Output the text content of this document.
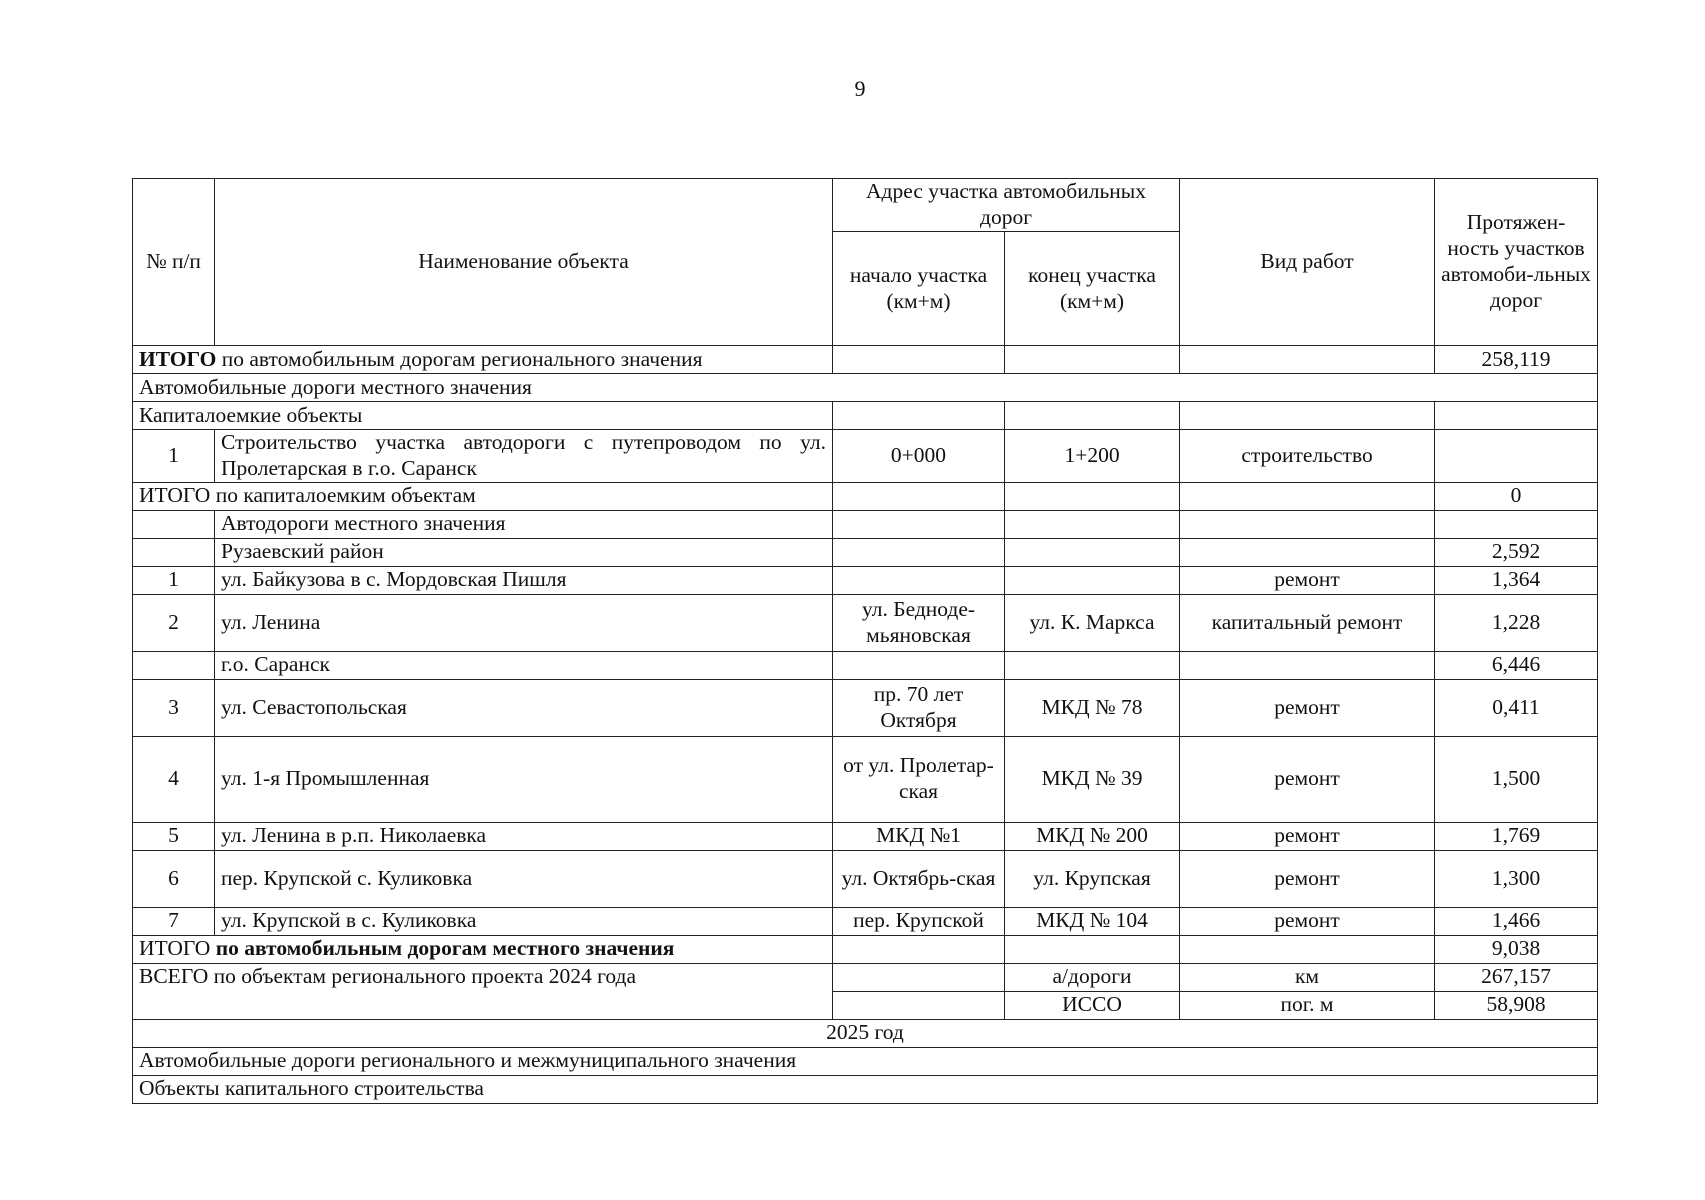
9
№ п/п	Наименование объекта	Адрес участка автомобильных дорог		Вид работ	Протяжен-ность участков автомоби-льных дорог
		начало участка (км+м)	конец участка (км+м)		
ИТОГО по автомобильным дорогам регионального значения					258,119
Автомобильные дороги местного значения					
Капиталоемкие объекты					
1	Строительство участка автодороги с путепроводом по ул. Пролетарская в г.о. Саранск	0+000	1+200	строительство	
ИТОГО по капиталоемким объектам					0
	Автодороги местного значения				
	Рузаевский район				2,592
1	ул. Байкузова в с. Мордовская Пишля			ремонт	1,364
2	ул. Ленина	ул. Бедноде-мьяновская	ул. К. Маркса	капитальный ремонт	1,228
	г.о. Саранск				6,446
3	ул. Севастопольская	пр. 70 лет Октября	МКД № 78	ремонт	0,411
4	ул. 1-я Промышленная	от ул. Пролетар-ская	МКД № 39	ремонт	1,500
5	ул. Ленина в р.п. Николаевка	МКД №1	МКД № 200	ремонт	1,769
6	пер. Крупской с. Куликовка	ул. Октябрь-ская	ул. Крупская	ремонт	1,300
7	ул. Крупской в с. Куликовка	пер. Крупской	МКД № 104	ремонт	1,466
ИТОГО по автомобильным дорогам местного значения					9,038
ВСЕГО по объектам регионального проекта 2024 года			а/дороги	км	267,157
			ИССО	пог. м	58,908
2025 год					
Автомобильные дороги регионального и межмуниципального значения					
Объекты капитального строительства					
